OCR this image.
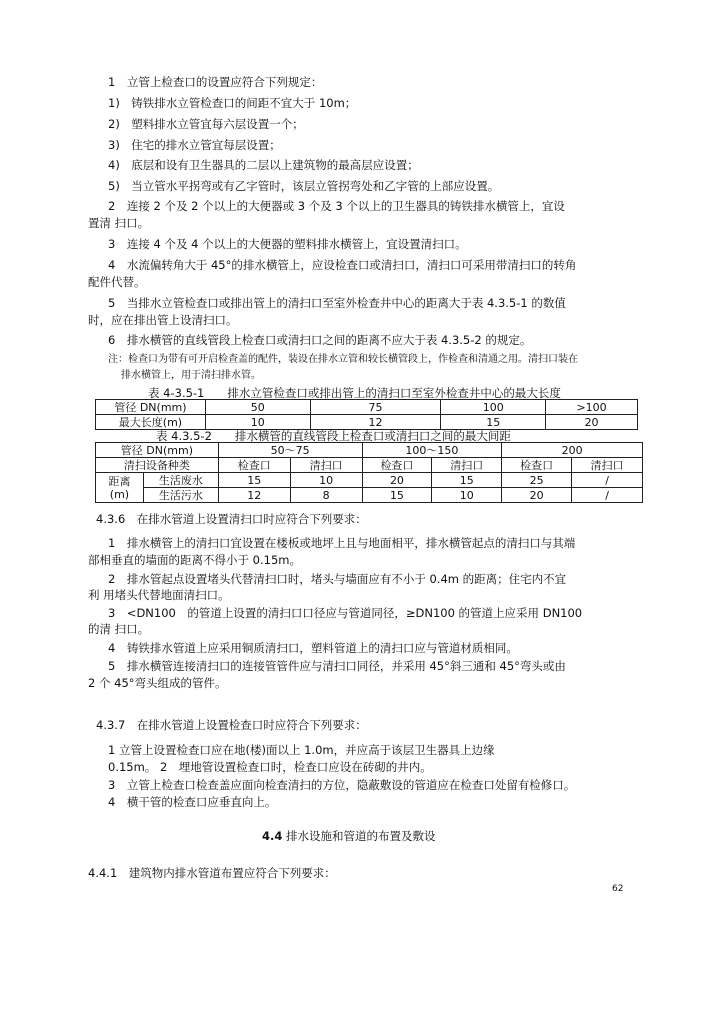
1　立管上检查口的设置应符合下列规定：
1)　铸铁排水立管检查口的间距不宜大于 10m；
2)　塑料排水立管宜每六层设置一个；
3)　住宅的排水立管宜每层设置；
4)　底层和设有卫生器具的二层以上建筑物的最高层应设置；
5)　当立管水平拐弯或有乙字管时，该层立管拐弯处和乙字管的上部应设置。
2　连接 2 个及 2 个以上的大便器或 3 个及 3 个以上的卫生器具的铸铁排水横管上，宜设
置清 扫口。
3　连接 4 个及 4 个以上的大便器的塑料排水横管上，宜设置清扫口。
4　水流偏转角大于 45°的排水横管上，应设检查口或清扫口，清扫口可采用带清扫口的转角
配件代替。
5　当排水立管检查口或排出管上的清扫口至室外检查井中心的距离大于表 4.3.5-1 的数值
时，应在排出管上设清扫口。
6　排水横管的直线管段上检查口或清扫口之间的距离不应大于表 4.3.5-2 的规定。
注：检查口为带有可开启检查盖的配件，装设在排水立管和较长横管段上，作检查和清通之用。清扫口装在
排水横管上，用于清扫排水管。
表 4-3.5-1　　排水立管检查口或排出管上的清扫口至室外检查井中心的最大长度
管径 DN(mm)	50	75	100	>100
最大长度(m)	10	12	15	20
表 4.3.5-2　　排水横管的直线管段上检查口或清扫口之间的最大间距
管径 DN(mm)		50～75		100～150		200	
清扫设备种类		检查口	清扫口	检查口	清扫口	检查口	清扫口
距离
(m)	生活废水	15	10	20	15	25	/
	生活污水	12	8	15	10	20	/
4.3.6　在排水管道上设置清扫口时应符合下列要求：
1　排水横管上的清扫口宜设置在楼板或地坪上且与地面相平，排水横管起点的清扫口与其端
部相垂直的墙面的距离不得小于 0.15m。
2　排水管起点设置堵头代替清扫口时，堵头与墙面应有不小于 0.4m 的距离；住宅内不宜
利 用堵头代替地面清扫口。
3　<DN100　的管道上设置的清扫口口径应与管道同径，≥DN100 的管道上应采用 DN100
的清 扫口。
4　铸铁排水管道上应采用铜质清扫口，塑料管道上的清扫口应与管道材质相同。
5　排水横管连接清扫口的连接管管件应与清扫口同径，并采用 45°斜三通和 45°弯头或由
2 个 45°弯头组成的管件。
4.3.7　在排水管道上设置检查口时应符合下列要求：
1 立管上设置检查口应在地(楼)面以上 1.0m，并应高于该层卫生器具上边缘
0.15m。 2　埋地管设置检查口时，检查口应设在砖砌的井内。
3　立管上检查口检查盖应面向检查清扫的方位，隐蔽敷设的管道应在检查口处留有检修口。
4　横干管的检查口应垂直向上。
4.4 排水设施和管道的布置及敷设
4.4.1　建筑物内排水管道布置应符合下列要求：
62
